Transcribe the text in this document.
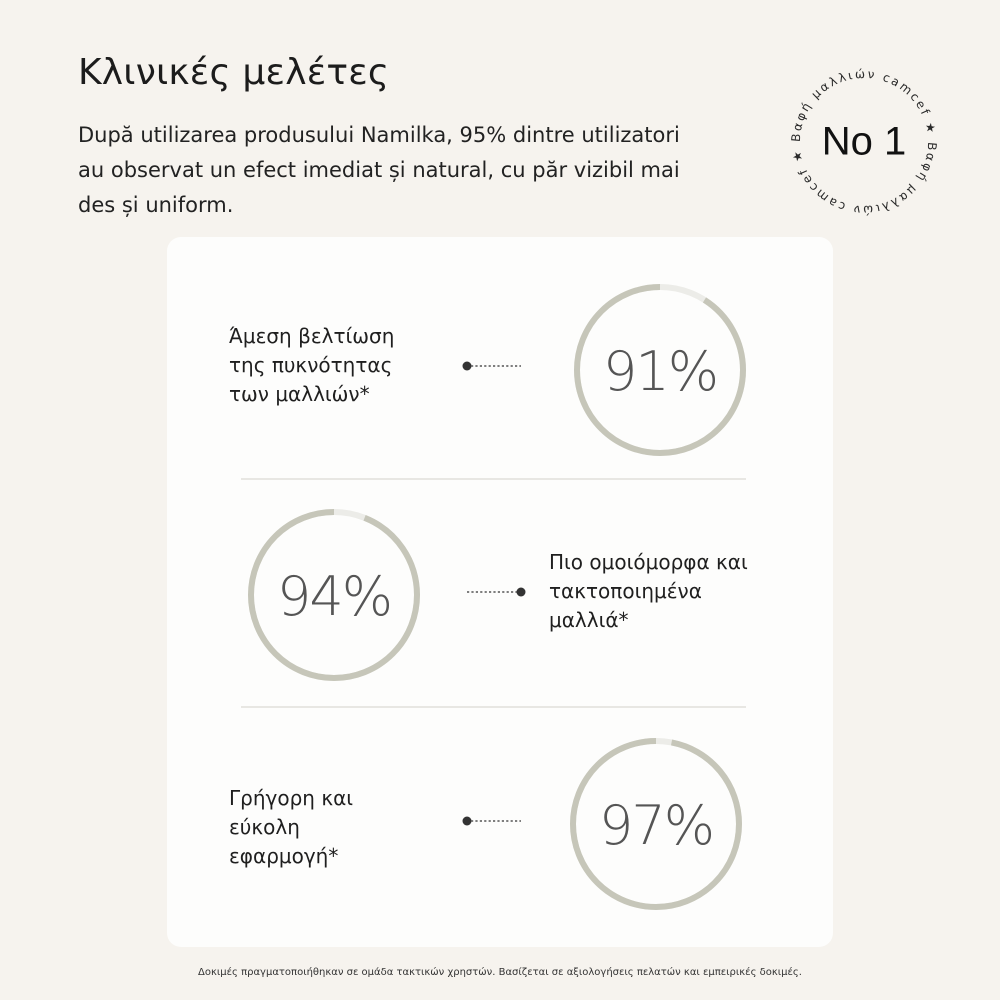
Κλινικές μελέτες

După utilizarea produsului Namilka, 95% dintre utilizatori au observat un efect imediat și natural, cu păr vizibil mai des și uniform.

Βαφή μαλλιών camcef ★ Βαφή μαλλιών camcef ★ No 1

Άμεση βελτίωση
της πυκνότητας
των μαλλιών*	91%
94%

Πιο ομοιόμορφα και
τακτοποιημένα
μαλλιά*

Γρήγορη και
εύκολη
εφαρμογή*	97%

Δοκιμές πραγματοποιήθηκαν σε ομάδα τακτικών χρηστών. Βασίζεται σε αξιολογήσεις πελατών και εμπειρικές δοκιμές.
